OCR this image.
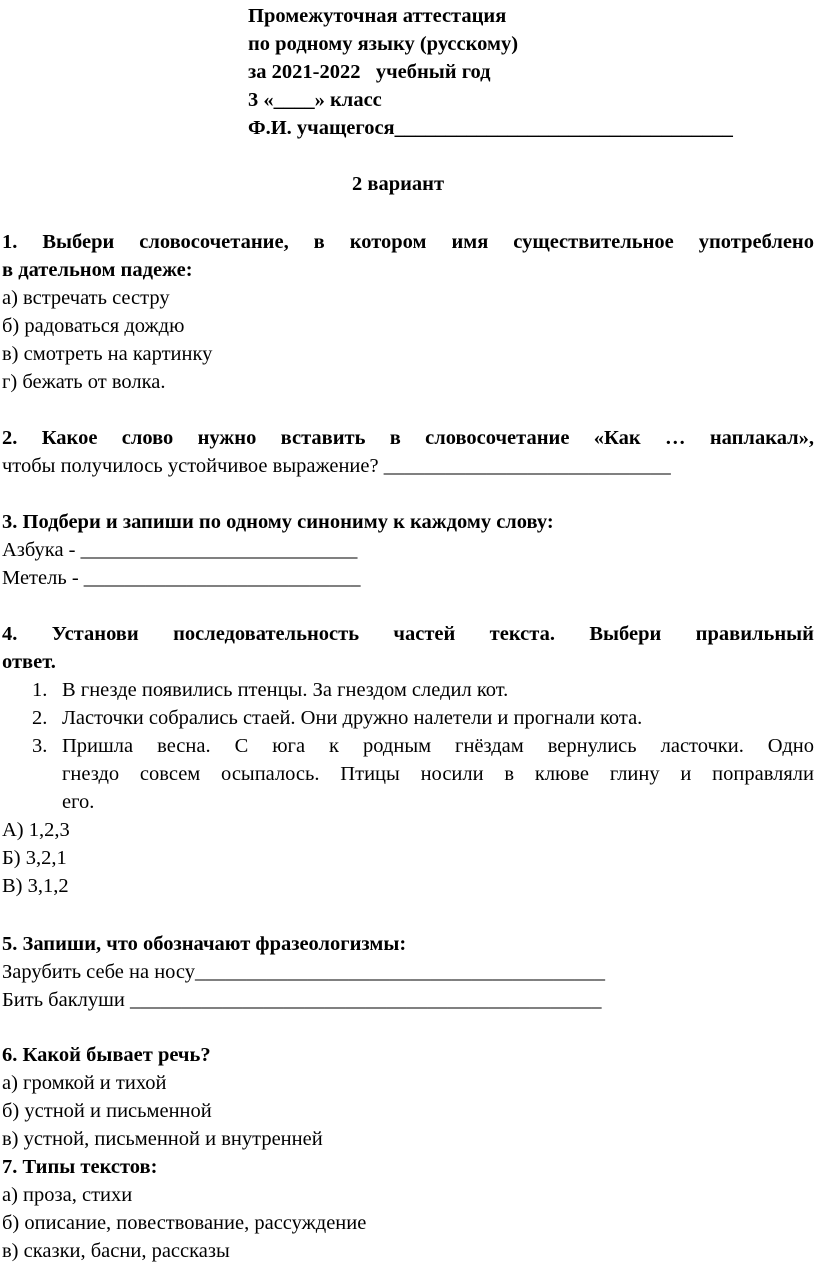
Промежуточная аттестация
по родному языку (русскому)
за 2021-2022   учебный год
3 «____» класс
Ф.И. учащегося_________________________________
2 вариант
1. Выбери словосочетание, в котором имя существительное употреблено
в дательном падеже:
а) встречать сестру
б) радоваться дождю
в) смотреть на картинку
г) бежать от волка.
2. Какое слово нужно вставить в словосочетание «Как … наплакал»,
чтобы получилось устойчивое выражение? ____________________________
3. Подбери и запиши по одному синониму к каждому слову:
Азбука - ___________________________
Метель - ___________________________
4. Установи последовательность частей текста. Выбери правильный
ответ.
1. В гнезде появились птенцы. За гнездом следил кот.
2. Ласточки собрались стаей. Они дружно налетели и прогнали кота.
3. Пришла весна. С юга к родным гнёздам вернулись ласточки. Одно
гнездо совсем осыпалось. Птицы носили в клюве глину и поправляли
его.
А) 1,2,3
Б) 3,2,1
В) 3,1,2
5. Запиши, что обозначают фразеологизмы:
Зарубить себе на носу________________________________________
Бить баклуши ______________________________________________
6. Какой бывает речь?
а) громкой и тихой
б) устной и письменной
в) устной, письменной и внутренней
7. Типы текстов:
а) проза, стихи
б) описание, повествование, рассуждение
в) сказки, басни, рассказы
